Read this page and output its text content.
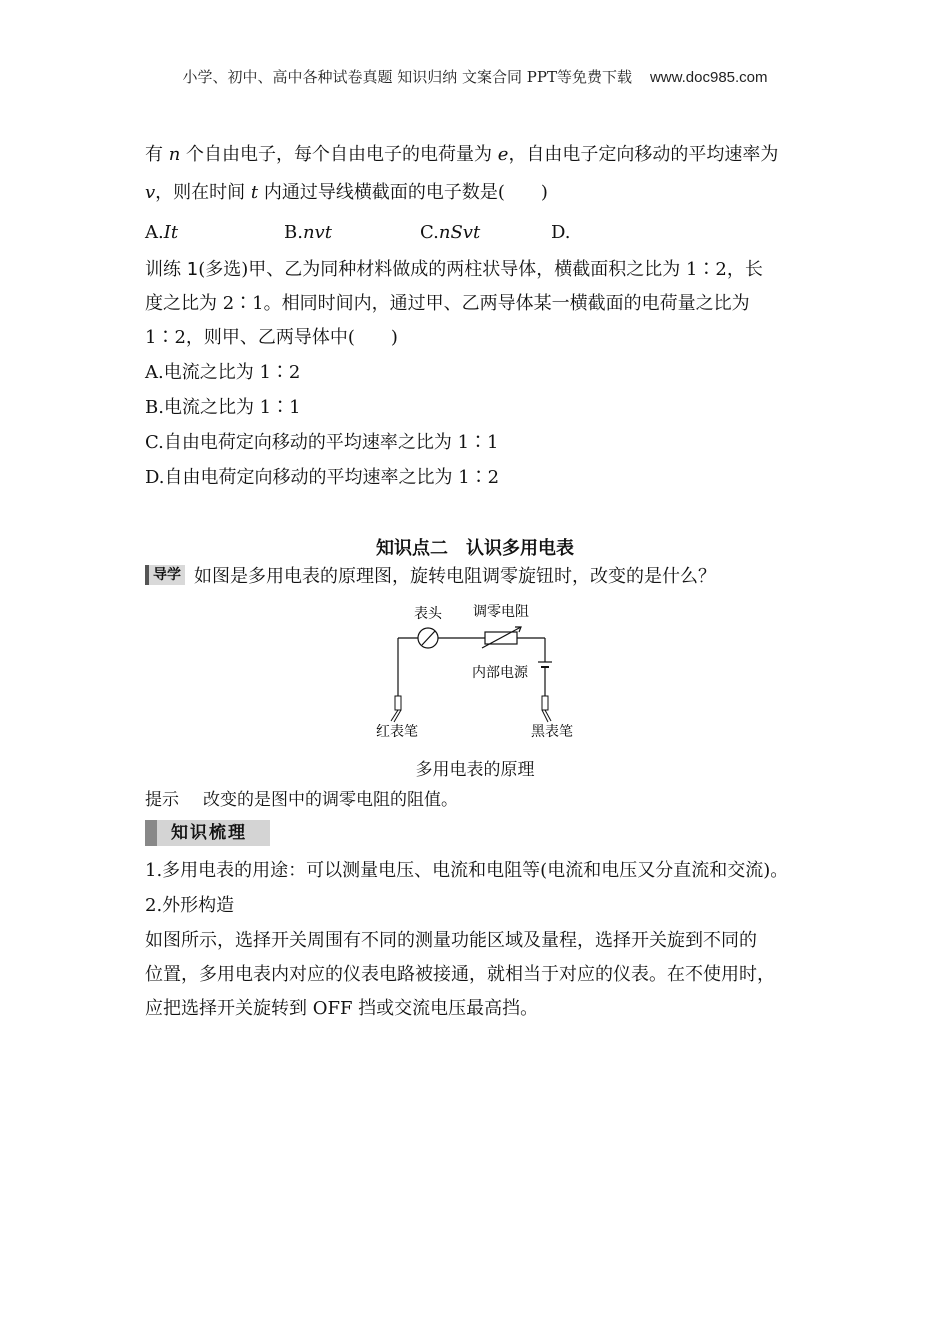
小学、初中、高中各种试卷真题 知识归纳 文案合同 PPT等免费下载 www.doc985.com
有 n 个自由电子，每个自由电子的电荷量为 e，自由电子定向移动的平均速率为
v，则在时间 t 内通过导线横截面的电子数是(　　)
A.It	B.nvt	C.nSvt	D.
训练 1(多选)甲、乙为同种材料做成的两柱状导体，横截面积之比为 1∶2，长
度之比为 2∶1。相同时间内，通过甲、乙两导体某一横截面的电荷量之比为
1∶2，则甲、乙两导体中(　　)
A.电流之比为 1∶2
B.电流之比为 1∶1
C.自由电荷定向移动的平均速率之比为 1∶1
D.自由电荷定向移动的平均速率之比为 1∶2
知识点二　认识多用电表
导学 如图是多用电表的原理图，旋转电阻调零旋钮时，改变的是什么？
表头 调零电阻
内部电源
红表笔	黑表笔
多用电表的原理
提示 改变的是图中的调零电阻的阻值。
知识梳理
1.多用电表的用途：可以测量电压、电流和电阻等(电流和电压又分直流和交流)。
2.外形构造
如图所示，选择开关周围有不同的测量功能区域及量程，选择开关旋到不同的
位置，多用电表内对应的仪表电路被接通，就相当于对应的仪表。在不使用时，
应把选择开关旋转到 OFF 挡或交流电压最高挡。
